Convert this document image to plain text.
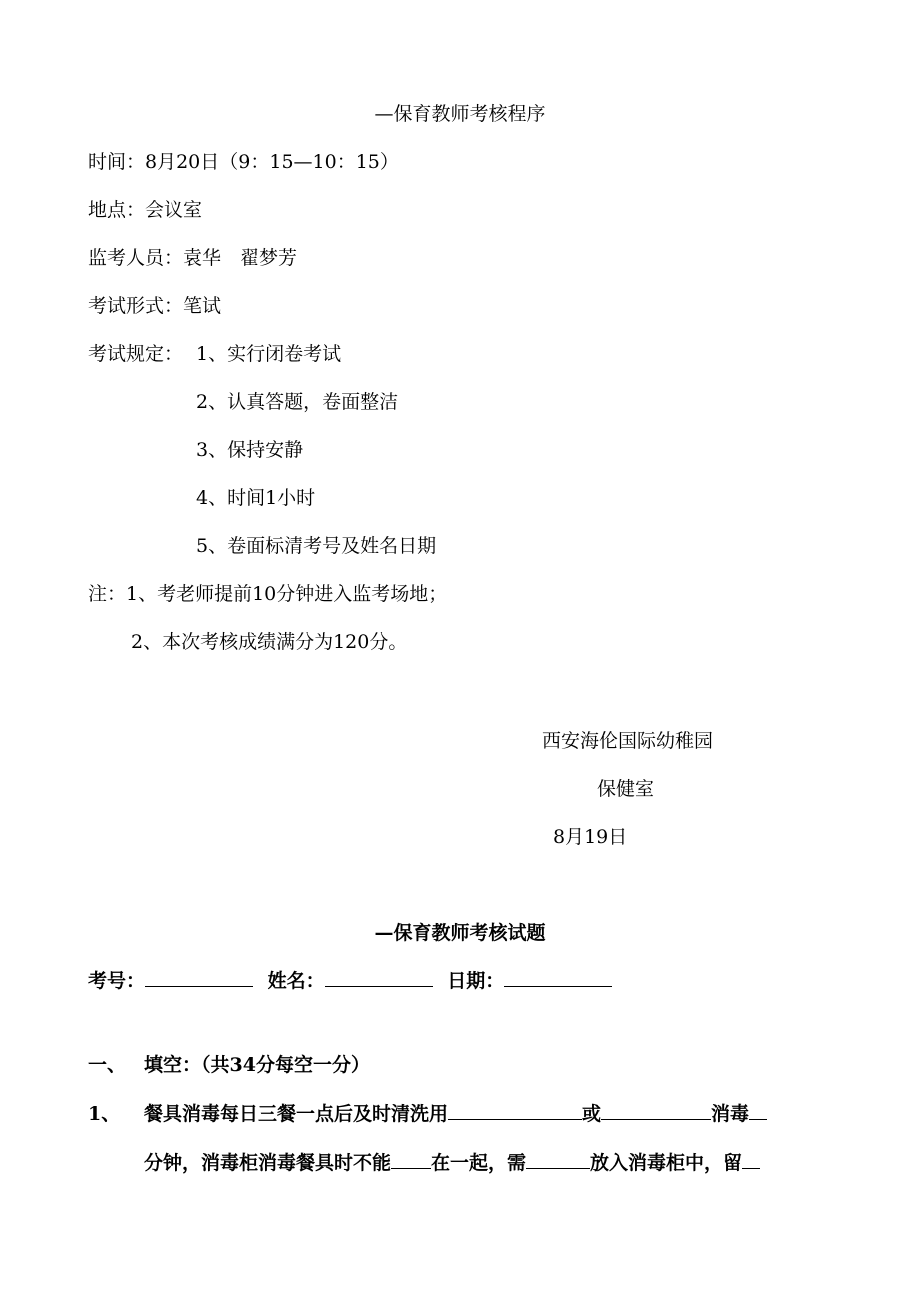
—保育教师考核程序
时间：8月20日（9：15—10：15）
地点：会议室
监考人员：袁华　翟梦芳
考试形式：笔试
考试规定： 1、实行闭卷考试
2、认真答题，卷面整洁
3、保持安静
4、时间1小时
5、卷面标清考号及姓名日期
注：1、考老师提前10分钟进入监考场地；
2、本次考核成绩满分为120分。
西安海伦国际幼稚园
保健室
8月19日
—保育教师考核试题
考号：	姓名：	日期：
一、 填空：（共34分每空一分）
1、 餐具消毒每日三餐一点后及时清洗用	或	消毒
分钟，消毒柜消毒餐具时不能 在一起，需	放入消毒柜中，留
